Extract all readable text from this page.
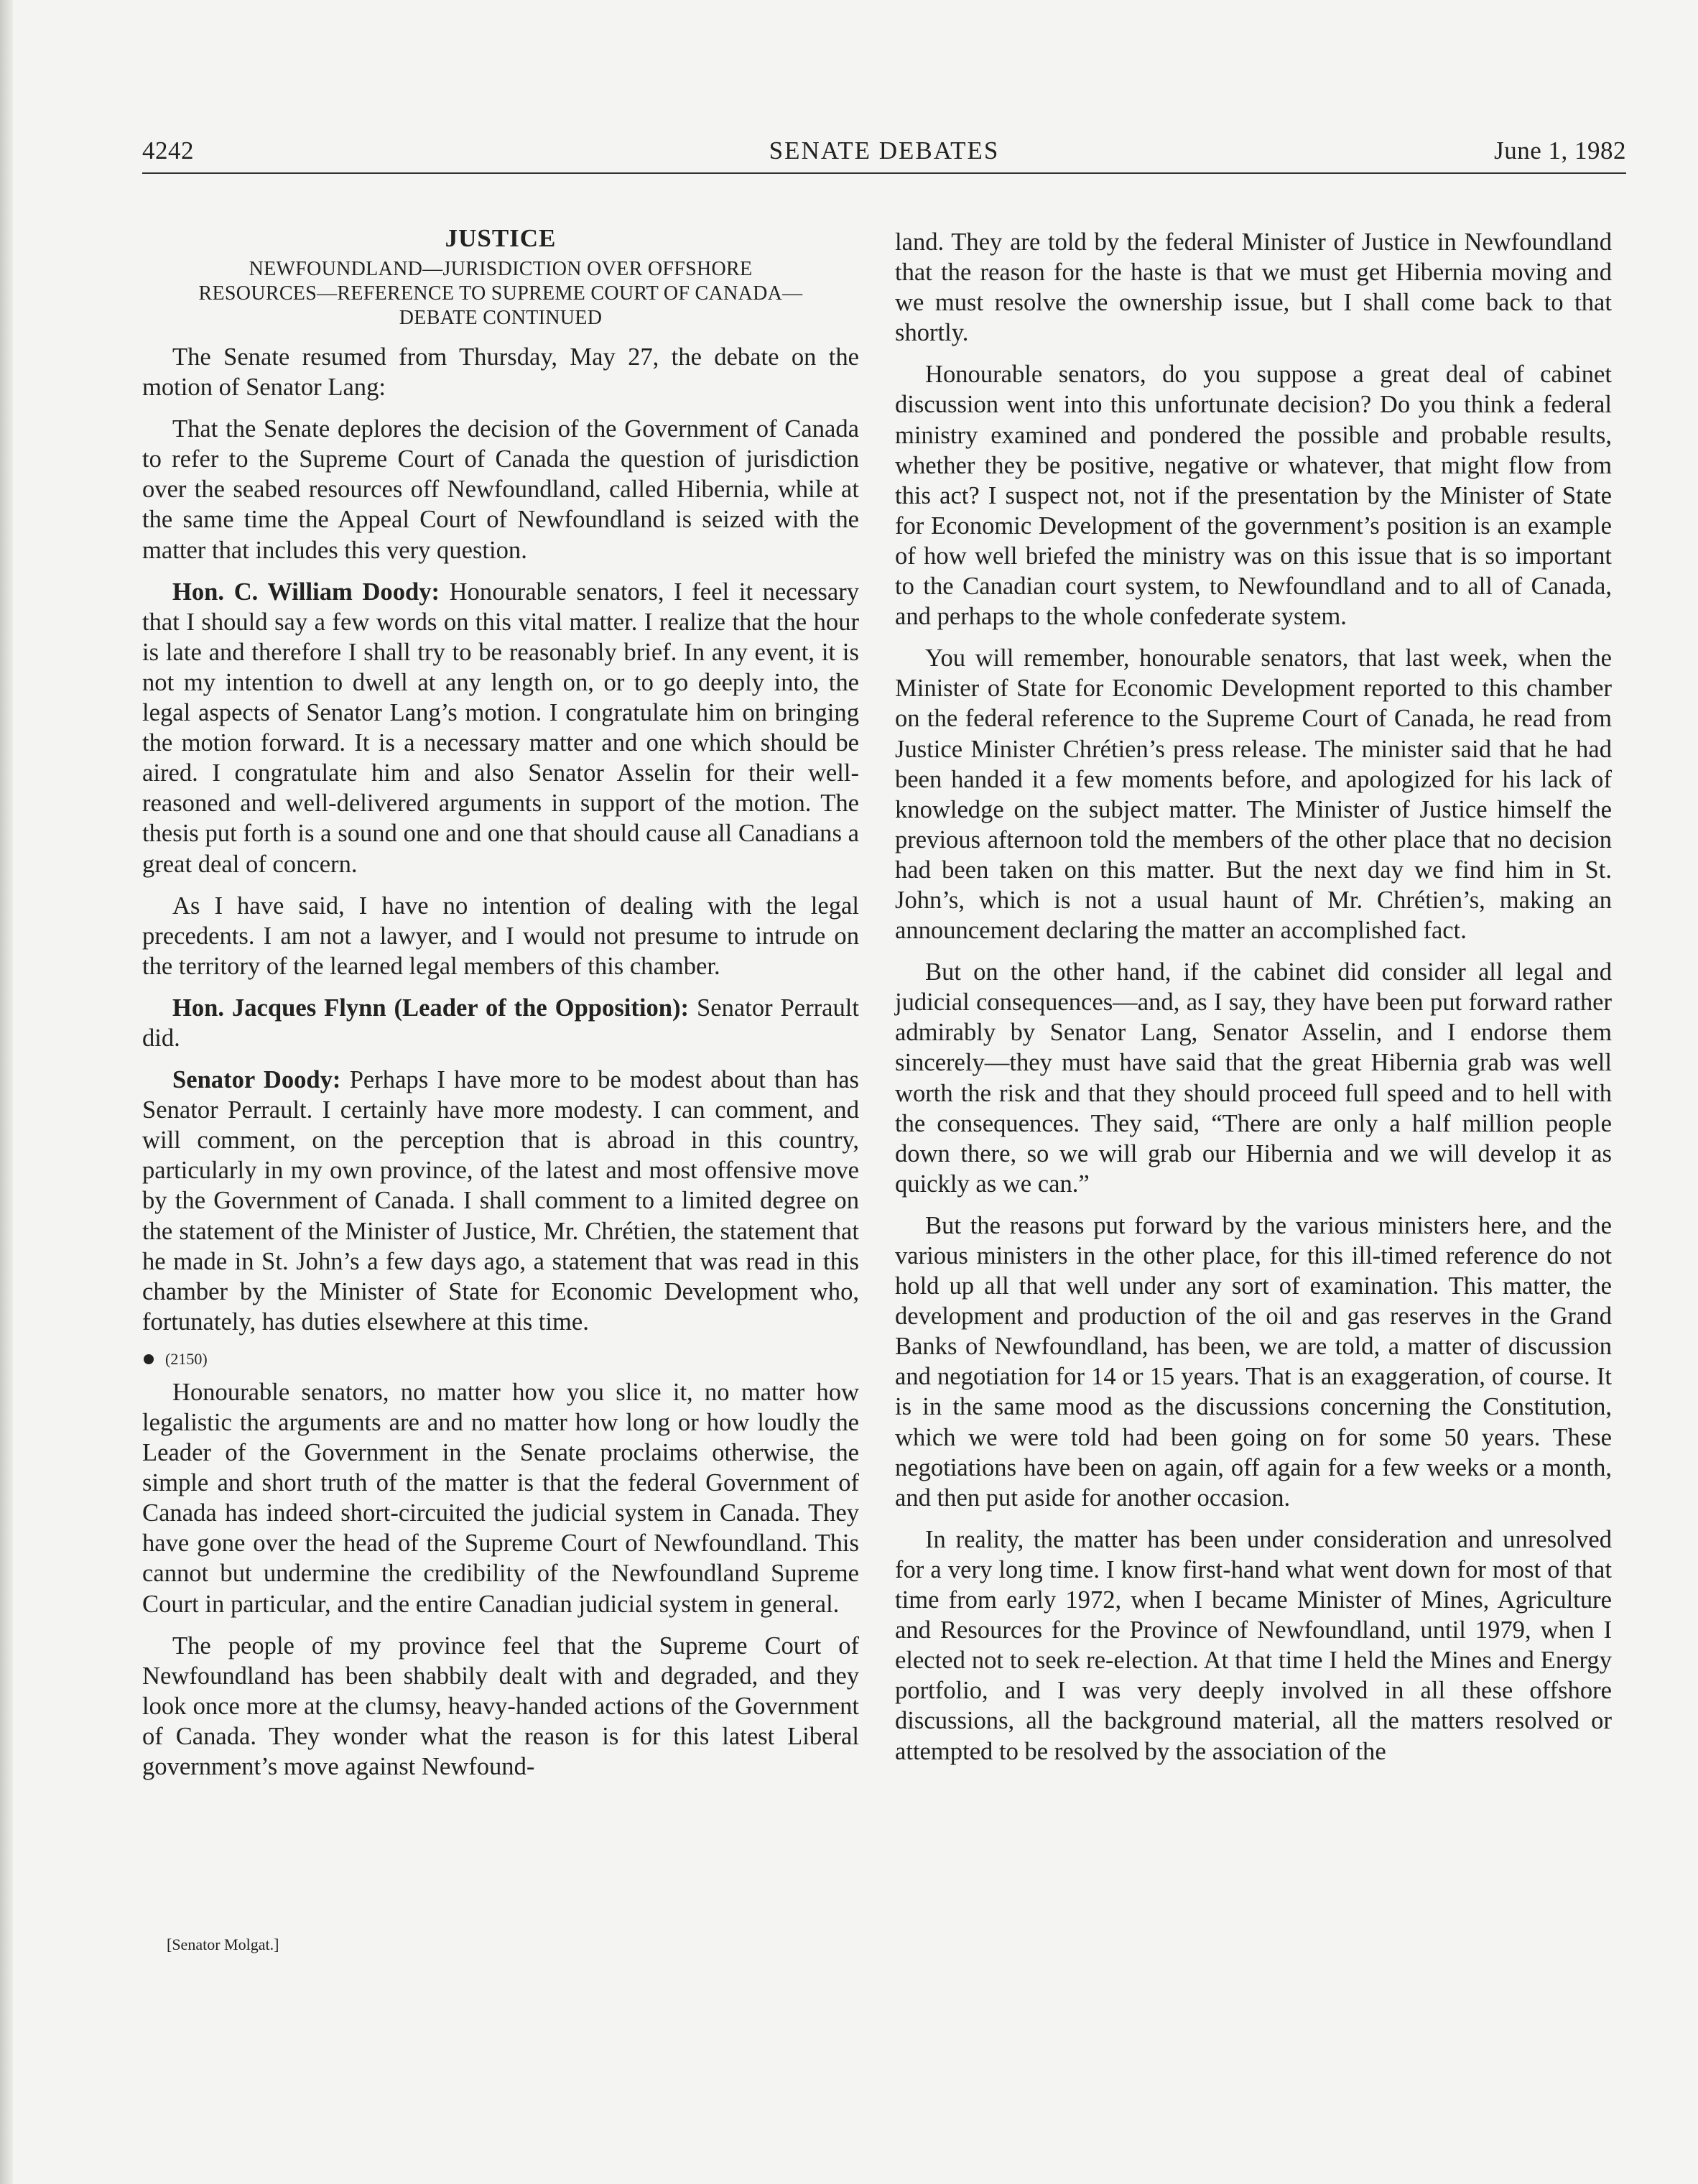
4242	SENATE DEBATES	June 1, 1982
JUSTICE
NEWFOUNDLAND—JURISDICTION OVER OFFSHORE
RESOURCES—REFERENCE TO SUPREME COURT OF CANADA—
DEBATE CONTINUED

The Senate resumed from Thursday, May 27, the debate on the motion of Senator Lang:

That the Senate deplores the decision of the Government of Canada to refer to the Supreme Court of Canada the question of jurisdiction over the seabed resources off Newfoundland, called Hibernia, while at the same time the Appeal Court of Newfoundland is seized with the matter that includes this very question.

Hon. C. William Doody: Honourable senators, I feel it necessary that I should say a few words on this vital matter. I realize that the hour is late and therefore I shall try to be reasonably brief. In any event, it is not my intention to dwell at any length on, or to go deeply into, the legal aspects of Senator Lang’s motion. I congratulate him on bringing the motion forward. It is a necessary matter and one which should be aired. I congratulate him and also Senator Asselin for their well-reasoned and well-delivered arguments in support of the motion. The thesis put forth is a sound one and one that should cause all Canadians a great deal of concern.

As I have said, I have no intention of dealing with the legal precedents. I am not a lawyer, and I would not presume to intrude on the territory of the learned legal members of this chamber.

Hon. Jacques Flynn (Leader of the Opposition): Senator Perrault did.

Senator Doody: Perhaps I have more to be modest about than has Senator Perrault. I certainly have more modesty. I can comment, and will comment, on the perception that is abroad in this country, particularly in my own province, of the latest and most offensive move by the Government of Canada. I shall comment to a limited degree on the statement of the Minister of Justice, Mr. Chrétien, the statement that he made in St. John’s a few days ago, a statement that was read in this chamber by the Minister of State for Economic Development who, fortunately, has duties elsewhere at this time.

(2150)

Honourable senators, no matter how you slice it, no matter how legalistic the arguments are and no matter how long or how loudly the Leader of the Government in the Senate proclaims otherwise, the simple and short truth of the matter is that the federal Government of Canada has indeed short-circuited the judicial system in Canada. They have gone over the head of the Supreme Court of Newfoundland. This cannot but undermine the credibility of the Newfoundland Supreme Court in particular, and the entire Canadian judicial system in general.

The people of my province feel that the Supreme Court of Newfoundland has been shabbily dealt with and degraded, and they look once more at the clumsy, heavy-handed actions of the Government of Canada. They wonder what the reason is for this latest Liberal government’s move against Newfound-

[Senator Molgat.]

land. They are told by the federal Minister of Justice in Newfoundland that the reason for the haste is that we must get Hibernia moving and we must resolve the ownership issue, but I shall come back to that shortly.

Honourable senators, do you suppose a great deal of cabinet discussion went into this unfortunate decision? Do you think a federal ministry examined and pondered the possible and probable results, whether they be positive, negative or whatever, that might flow from this act? I suspect not, not if the presentation by the Minister of State for Economic Development of the government’s position is an example of how well briefed the ministry was on this issue that is so important to the Canadian court system, to Newfoundland and to all of Canada, and perhaps to the whole confederate system.

You will remember, honourable senators, that last week, when the Minister of State for Economic Development reported to this chamber on the federal reference to the Supreme Court of Canada, he read from Justice Minister Chrétien’s press release. The minister said that he had been handed it a few moments before, and apologized for his lack of knowledge on the subject matter. The Minister of Justice himself the previous afternoon told the members of the other place that no decision had been taken on this matter. But the next day we find him in St. John’s, which is not a usual haunt of Mr. Chrétien’s, making an announcement declaring the matter an accomplished fact.

But on the other hand, if the cabinet did consider all legal and judicial consequences—and, as I say, they have been put forward rather admirably by Senator Lang, Senator Asselin, and I endorse them sincerely—they must have said that the great Hibernia grab was well worth the risk and that they should proceed full speed and to hell with the consequences. They said, “There are only a half million people down there, so we will grab our Hibernia and we will develop it as quickly as we can.”

But the reasons put forward by the various ministers here, and the various ministers in the other place, for this ill-timed reference do not hold up all that well under any sort of examination. This matter, the development and production of the oil and gas reserves in the Grand Banks of Newfoundland, has been, we are told, a matter of discussion and negotiation for 14 or 15 years. That is an exaggeration, of course. It is in the same mood as the discussions concerning the Constitution, which we were told had been going on for some 50 years. These negotiations have been on again, off again for a few weeks or a month, and then put aside for another occasion.

In reality, the matter has been under consideration and unresolved for a very long time. I know first-hand what went down for most of that time from early 1972, when I became Minister of Mines, Agriculture and Resources for the Province of Newfoundland, until 1979, when I elected not to seek re-election. At that time I held the Mines and Energy portfolio, and I was very deeply involved in all these offshore discussions, all the background material, all the matters resolved or attempted to be resolved by the association of the
